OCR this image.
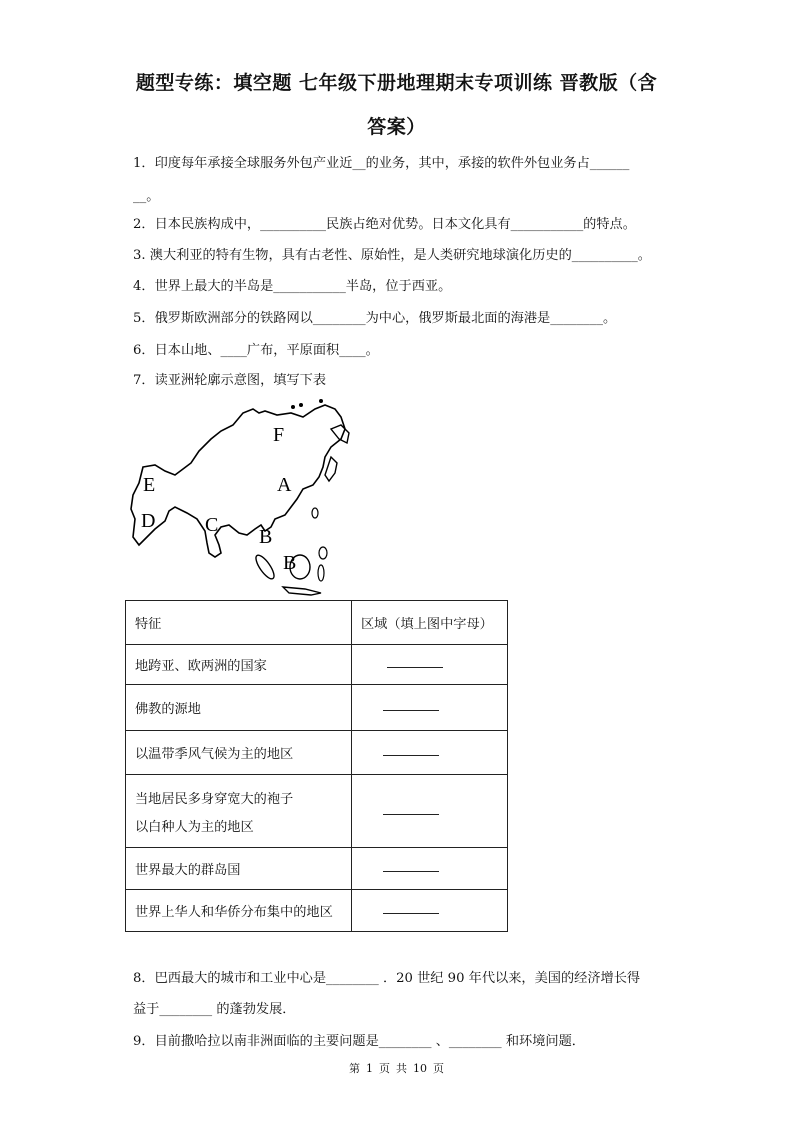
题型专练：填空题 七年级下册地理期末专项训练 晋教版（含
答案）
1．印度每年承接全球服务外包产业近__的业务，其中，承接的软件外包业务占______
__。
2．日本民族构成中，__________民族占绝对优势。日本文化具有___________的特点。
3. 澳大利亚的特有生物，具有古老性、原始性，是人类研究地球演化历史的__________。
4．世界上最大的半岛是___________半岛，位于西亚。
5．俄罗斯欧洲部分的铁路网以________为中心，俄罗斯最北面的海港是________。
6．日本山地、____广布，平原面积____。
7．读亚洲轮廓示意图，填写下表
F
E	A
D C
B
B
特征	区域（填上图中字母）
地跨亚、欧两洲的国家	
佛教的源地	
以温带季风气候为主的地区	

当地居民多身穿宽大的袍子
以白种人为主的地区	

世界最大的群岛国	
世界上华人和华侨分布集中的地区	
8．巴西最大的城市和工业中心是________ ．20 世纪 90 年代以来，美国的经济增长得
益于________ 的蓬勃发展．
9．目前撒哈拉以南非洲面临的主要问题是________ 、________ 和环境问题．
第 1 页 共 10 页
